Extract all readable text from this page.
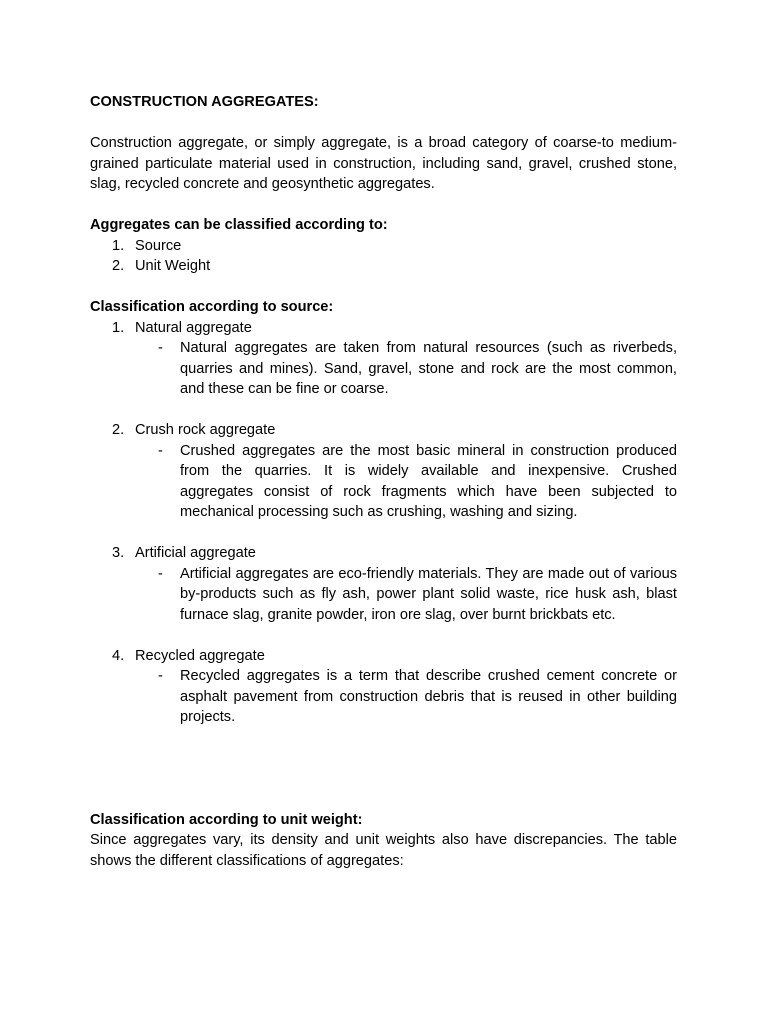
CONSTRUCTION AGGREGATES:

Construction aggregate, or simply aggregate, is a broad category of coarse-to medium-grained particulate material used in construction, including sand, gravel, crushed stone, slag, recycled concrete and geosynthetic aggregates.

Aggregates can be classified according to:

1. Source
2. Unit Weight

Classification according to source:

1. Natural aggregate
- Natural aggregates are taken from natural resources (such as riverbeds, quarries and mines). Sand, gravel, stone and rock are the most common, and these can be fine or coarse.
2. Crush rock aggregate
- Crushed aggregates are the most basic mineral in construction produced from the quarries. It is widely available and inexpensive. Crushed aggregates consist of rock fragments which have been subjected to mechanical processing such as crushing, washing and sizing.
3. Artificial aggregate
- Artificial aggregates are eco-friendly materials. They are made out of various by-products such as fly ash, power plant solid waste, rice husk ash, blast furnace slag, granite powder, iron ore slag, over burnt brickbats etc.
4. Recycled aggregate
- Recycled aggregates is a term that describe crushed cement concrete or asphalt pavement from construction debris that is reused in other building projects.

Classification according to unit weight:

Since aggregates vary, its density and unit weights also have discrepancies. The table shows the different classifications of aggregates:
